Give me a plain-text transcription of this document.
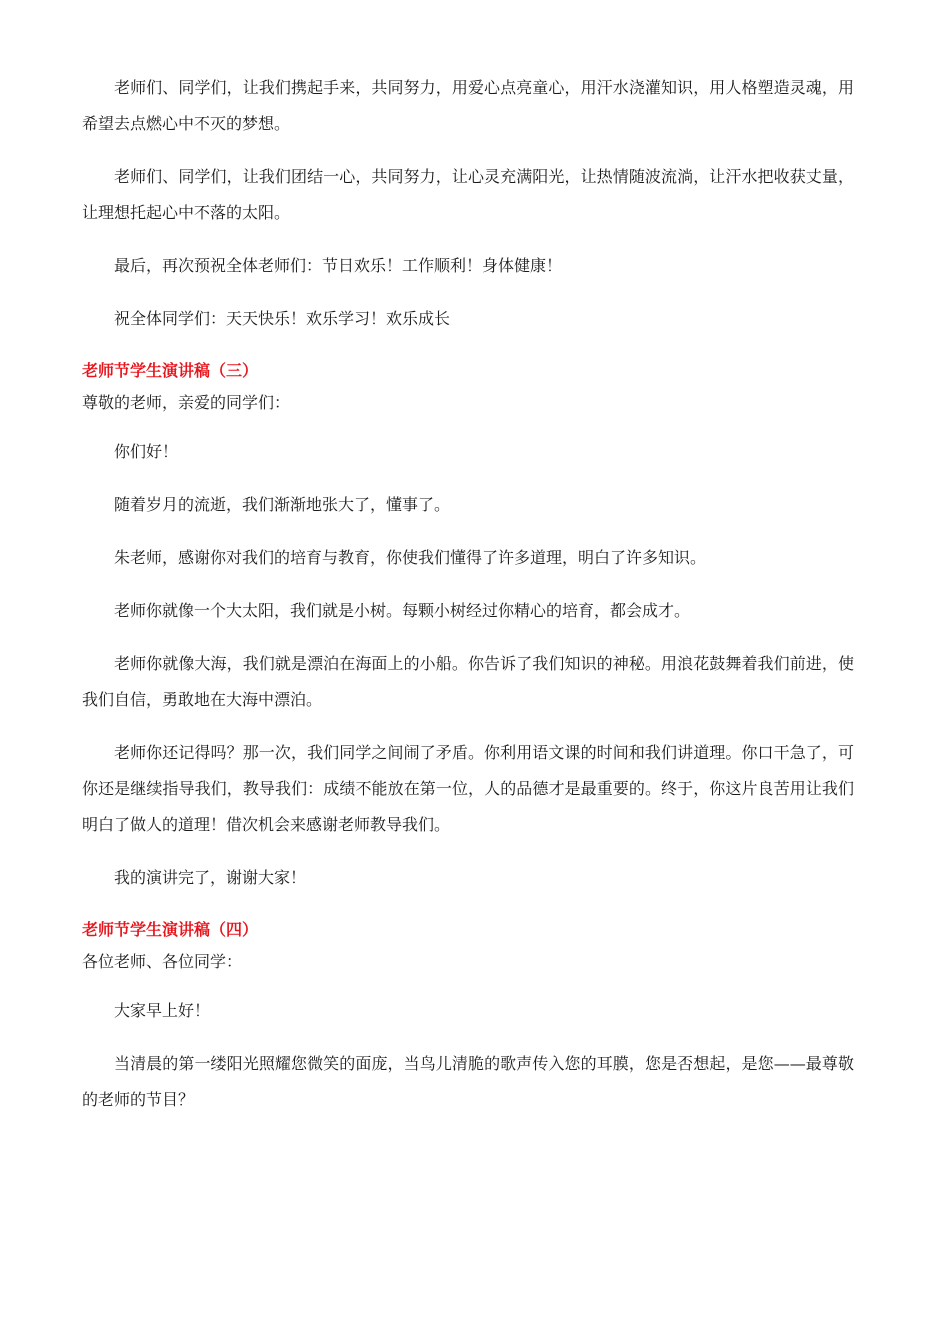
老师们、同学们，让我们携起手来，共同努力，用爱心点亮童心，用汗水浇灌知识，用人格塑造灵魂，用希望去点燃心中不灭的梦想。

老师们、同学们，让我们团结一心，共同努力，让心灵充满阳光，让热情随波流淌，让汗水把收获丈量，让理想托起心中不落的太阳。

最后，再次预祝全体老师们：节日欢乐！工作顺利！身体健康！

祝全体同学们：天天快乐！欢乐学习！欢乐成长

老师节学生演讲稿（三）

尊敬的老师，亲爱的同学们：

你们好！

随着岁月的流逝，我们渐渐地张大了，懂事了。

朱老师，感谢你对我们的培育与教育，你使我们懂得了许多道理，明白了许多知识。

老师你就像一个大太阳，我们就是小树。每颗小树经过你精心的培育，都会成才。

老师你就像大海，我们就是漂泊在海面上的小船。你告诉了我们知识的神秘。用浪花鼓舞着我们前进，使我们自信，勇敢地在大海中漂泊。

老师你还记得吗？那一次，我们同学之间闹了矛盾。你利用语文课的时间和我们讲道理。你口干急了，可你还是继续指导我们，教导我们：成绩不能放在第一位，人的品德才是最重要的。终于，你这片良苦用让我们明白了做人的道理！借次机会来感谢老师教导我们。

我的演讲完了，谢谢大家！

老师节学生演讲稿（四）

各位老师、各位同学：

大家早上好！

当清晨的第一缕阳光照耀您微笑的面庞，当鸟儿清脆的歌声传入您的耳膜，您是否想起，是您——最尊敬的老师的节目？
